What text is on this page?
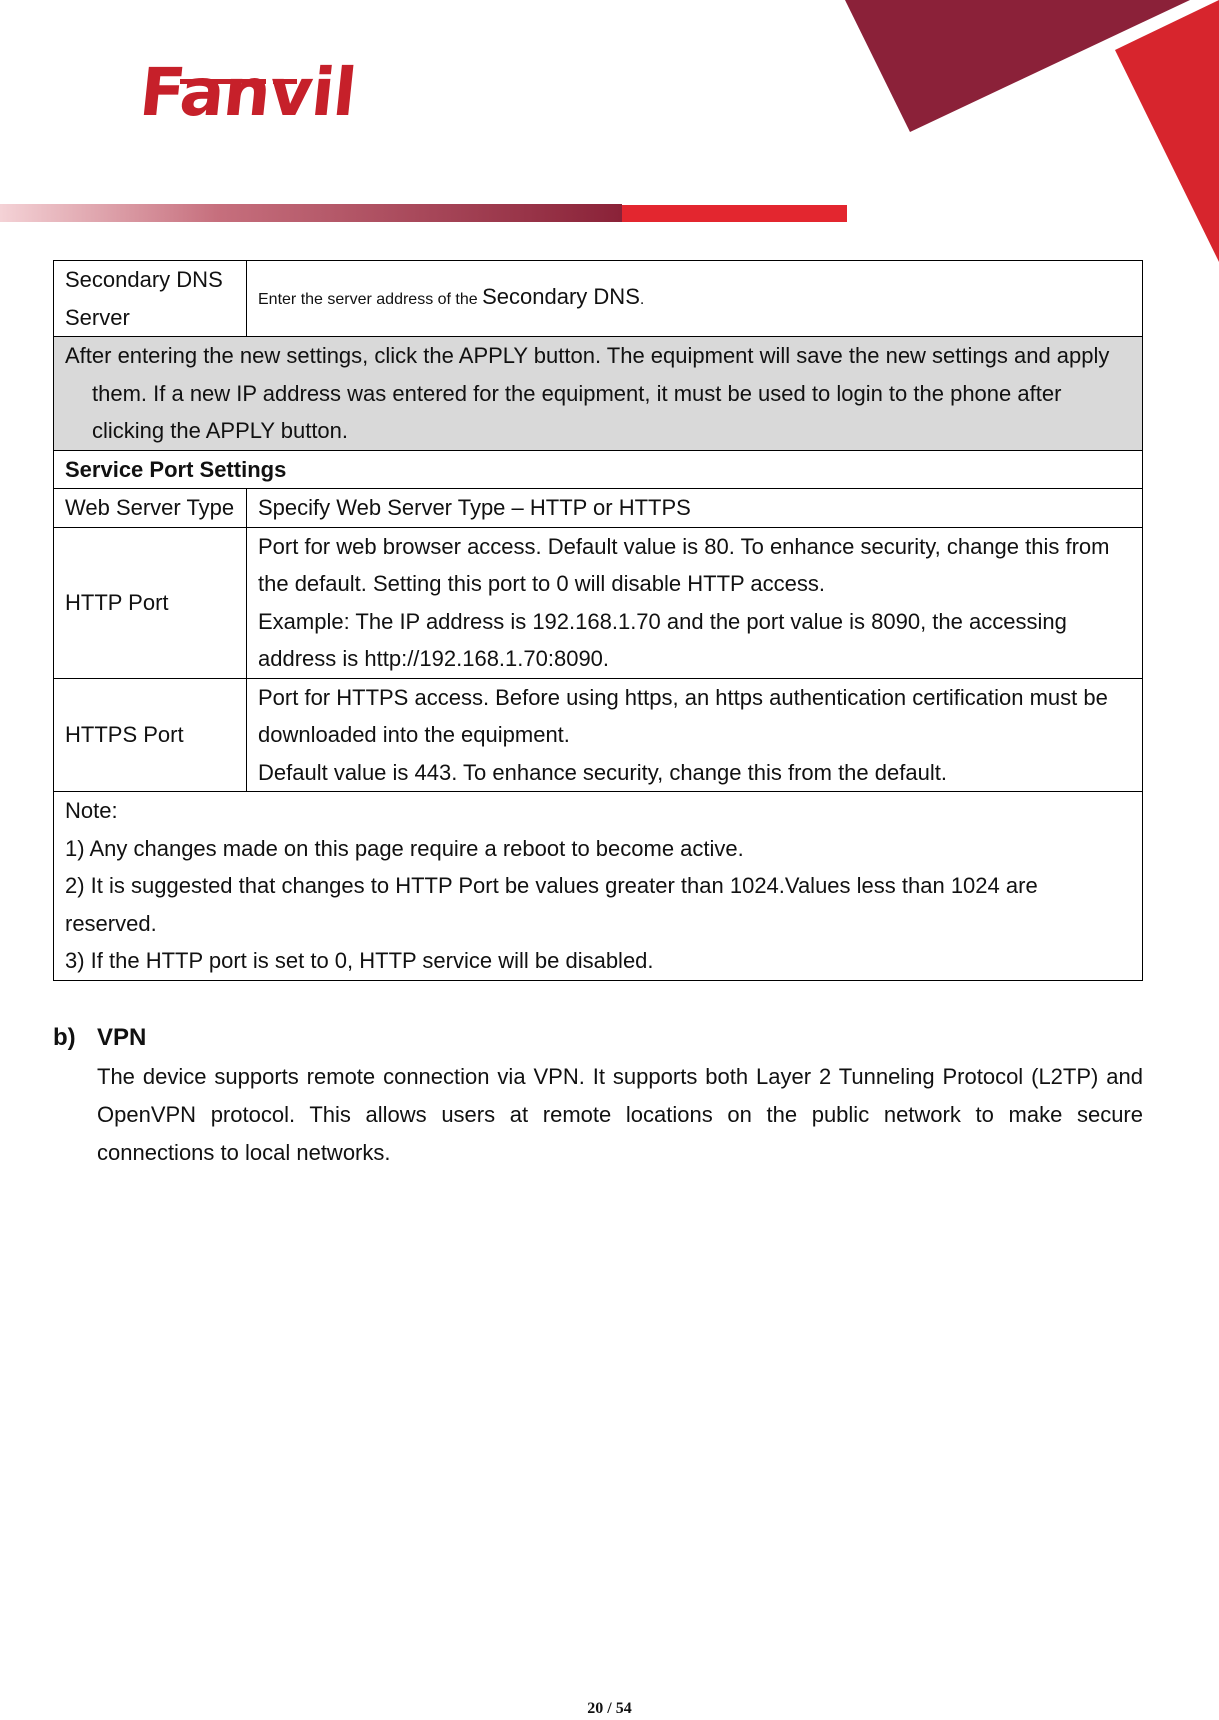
Fanvil
Secondary DNS Server	Enter the server address of the Secondary DNS.
After entering the new settings, click the APPLY button. The equipment will save the new settings and apply them. If a new IP address was entered for the equipment, it must be used to login to the phone after clicking the APPLY button.	
Service Port Settings	
Web Server Type	Specify Web Server Type – HTTP or HTTPS
HTTP Port	Port for web browser access. Default value is 80. To enhance security, change this from the default. Setting this port to 0 will disable HTTP access.
Example: The IP address is 192.168.1.70 and the port value is 8090, the accessing address is http://192.168.1.70:8090.

HTTPS Port	Port for HTTPS access. Before using https, an https authentication certification must be downloaded into the equipment.
Default value is 443. To enhance security, change this from the default.

Note:
1) Any changes made on this page require a reboot to become active.
2) It is suggested that changes to HTTP Port be values greater than 1024.Values less than 1024 are reserved.
3) If the HTTP port is set to 0, HTTP service will be disabled.	
b) VPN
The device supports remote connection via VPN. It supports both Layer 2 Tunneling Protocol (L2TP) and OpenVPN protocol. This allows users at remote locations on the public network to make secure connections to local networks.
20 / 54
